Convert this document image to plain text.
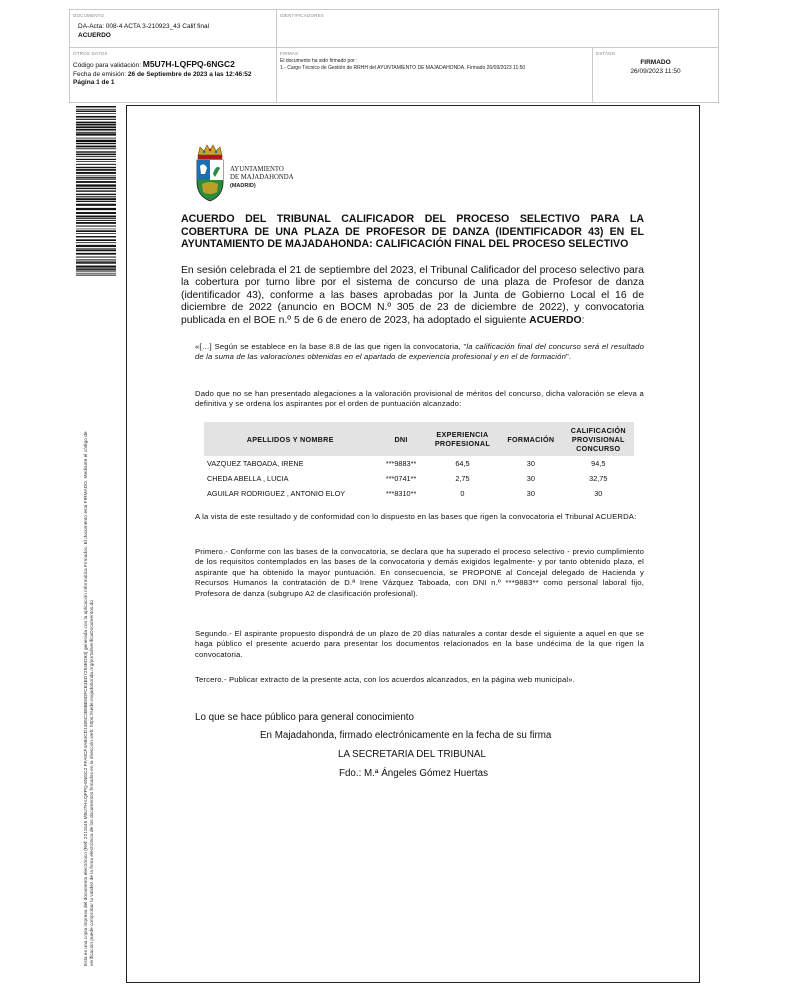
DOCUMENTO
DA-Acta: 008-4 ACTA 3-210923_43 Calif final
ACUERDO
IDENTIFICADORES
OTROS DATOS
Código para validación: M5U7H-LQFPQ-6NGC2
Fecha de emisión: 26 de Septiembre de 2023 a las 12:46:52
Página 1 de 1
FIRMAS
El documento ha sido firmado por :
1.- Cargo Técnico de Gestión de RRHH del AYUNTAMIENTO DE MAJADAHONDA. Firmado 26/09/2023 11:50
ESTADO
FIRMADO
26/09/2023 11:50
Esta es una copia impresa del documento electrónico (Ref: 2211645 M5U7H-LQFPQ-6NGC2 FFA0CF4AB4CD1365C2B5BE6DFCE3ED7294ED93) generada con la aplicación informática Firmadoc. El documento está FIRMADO. Mediante el código de verificación puede comprobar la validez de la firma electrónica de los documentos firmados en la dirección web: https://sede.majadahonda.org/portal/verificaDocumentos.do
AYUNTAMIENTO
DE MAJADAHONDA
(MADRID)
ACUERDO DEL TRIBUNAL CALIFICADOR DEL PROCESO SELECTIVO PARA LA
COBERTURA DE UNA PLAZA DE PROFESOR DE DANZA (IDENTIFICADOR 43) EN EL
AYUNTAMIENTO DE MAJADAHONDA: CALIFICACIÓN FINAL DEL PROCESO SELECTIVO
En sesión celebrada el 21 de septiembre del 2023, el Tribunal Calificador del proceso selectivo para la cobertura por turno libre por el sistema de concurso de una plaza de Profesor de danza (identificador 43), conforme a las bases aprobadas por la Junta de Gobierno Local el 16 de diciembre de 2022 (anuncio en BOCM N.º 305 de 23 de diciembre de 2022), y convocatoria publicada en el BOE n.º 5 de 6 de enero de 2023, ha adoptado el siguiente ACUERDO:
«[…] Según se establece en la base 8.8 de las que rigen la convocatoria, "la calificación final del concurso será el resultado de la suma de las valoraciones obtenidas en el apartado de experiencia profesional y en el de formación".
Dado que no se han presentado alegaciones a la valoración provisional de méritos del concurso, dicha valoración se eleva a definitiva y se ordena los aspirantes por el orden de puntuación alcanzado:
APELLIDOS Y NOMBRE	DNI	EXPERIENCIA PROFESIONAL	FORMACIÓN	CALIFICACIÓN PROVISIONAL CONCURSO
VAZQUEZ TABOADA, IRENE	***9883**	64,5	30	94,5
CHEDA ABELLA , LUCIA	***0741**	2,75	30	32,75
AGUILAR RODRIGUEZ , ANTONIO ELOY	***8310**	0	30	30
A la vista de este resultado y de conformidad con lo dispuesto en las bases que rigen la convocatoria el Tribunal ACUERDA:
Primero.- Conforme con las bases de la convocatoria, se declara que ha superado el proceso selectivo - previo cumplimiento de los requisitos contemplados en las bases de la convocatoria y demás exigidos legalmente- y por tanto obtenido plaza, el aspirante que ha obtenido la mayor puntuación. En consecuencia, se PROPONE al Concejal delegado de Hacienda y Recursos Humanos la contratación de D.ª Irene Vázquez Taboada, con DNI n.º ***9883** como personal laboral fijo, Profesora de danza (subgrupo A2 de clasificación profesional).
Segundo.- El aspirante propuesto dispondrá de un plazo de 20 días naturales a contar desde el siguiente a aquel en que se haga público el presente acuerdo para presentar los documentos relacionados en la base undécima de la que rigen la convocatoria.
Tercero.- Publicar extracto de la presente acta, con los acuerdos alcanzados, en la página web municipal».
Lo que se hace público para general conocimiento
En Majadahonda, firmado electrónicamente en la fecha de su firma
LA SECRETARIA DEL TRIBUNAL
Fdo.: M.ª Ángeles Gómez Huertas
